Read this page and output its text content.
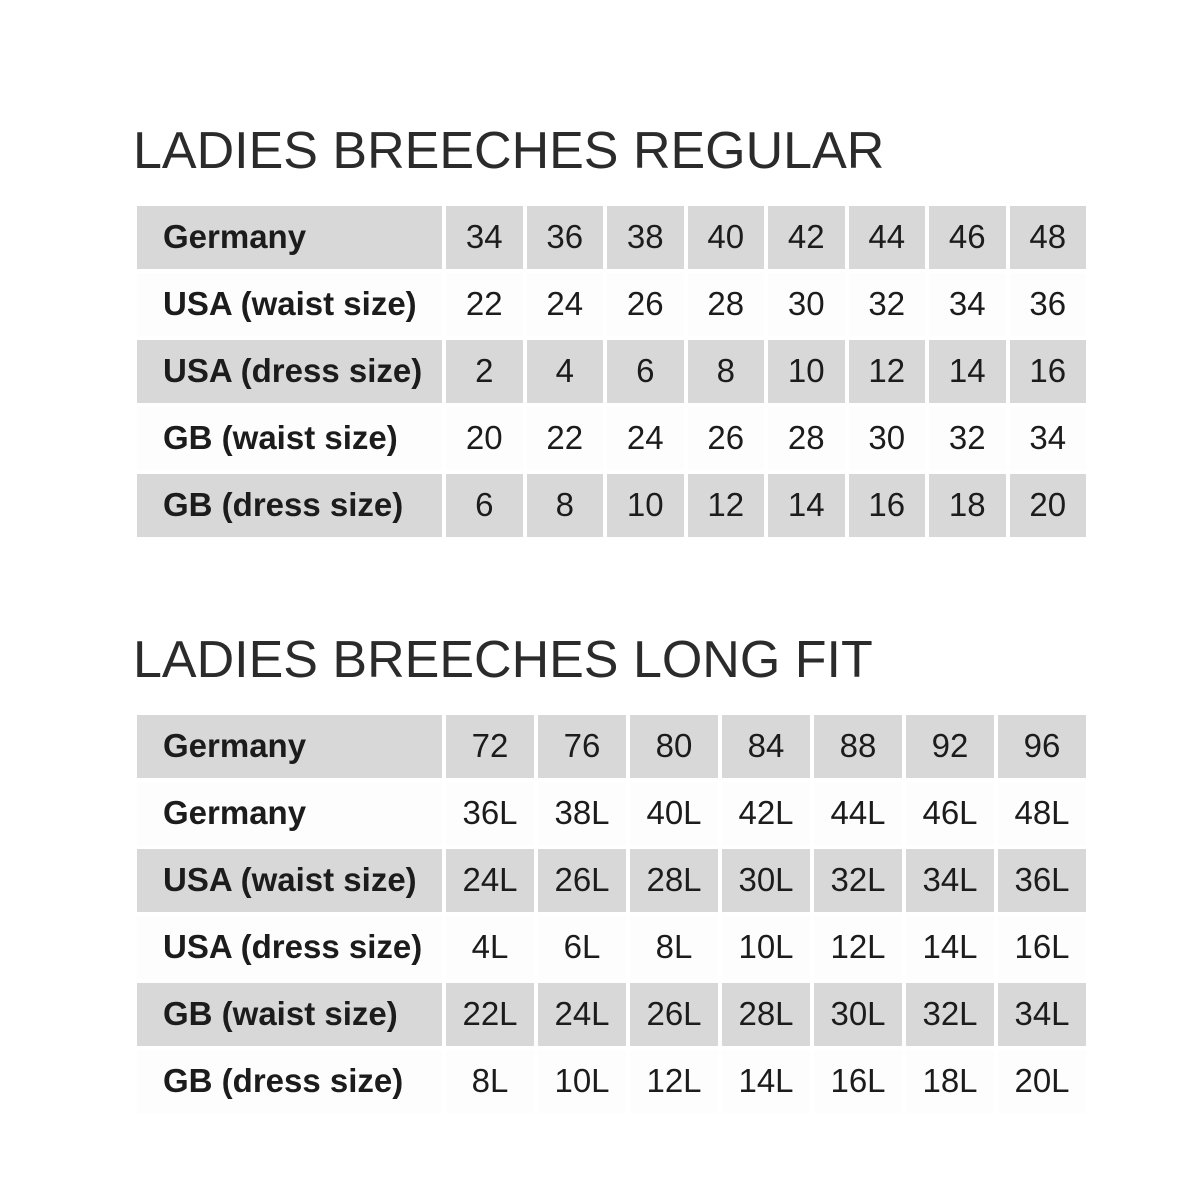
LADIES BREECHES REGULAR
Germany	34	36	38	40	42	44	46	48
USA (waist size)	22	24	26	28	30	32	34	36
USA (dress size)	2	4	6	8	10	12	14	16
GB (waist size)	20	22	24	26	28	30	32	34
GB (dress size)	6	8	10	12	14	16	18	20
LADIES BREECHES LONG FIT
Germany	72	76	80	84	88	92	96
Germany	36L	38L	40L	42L	44L	46L	48L
USA (waist size)	24L	26L	28L	30L	32L	34L	36L
USA (dress size)	4L	6L	8L	10L	12L	14L	16L
GB (waist size)	22L	24L	26L	28L	30L	32L	34L
GB (dress size)	8L	10L	12L	14L	16L	18L	20L
